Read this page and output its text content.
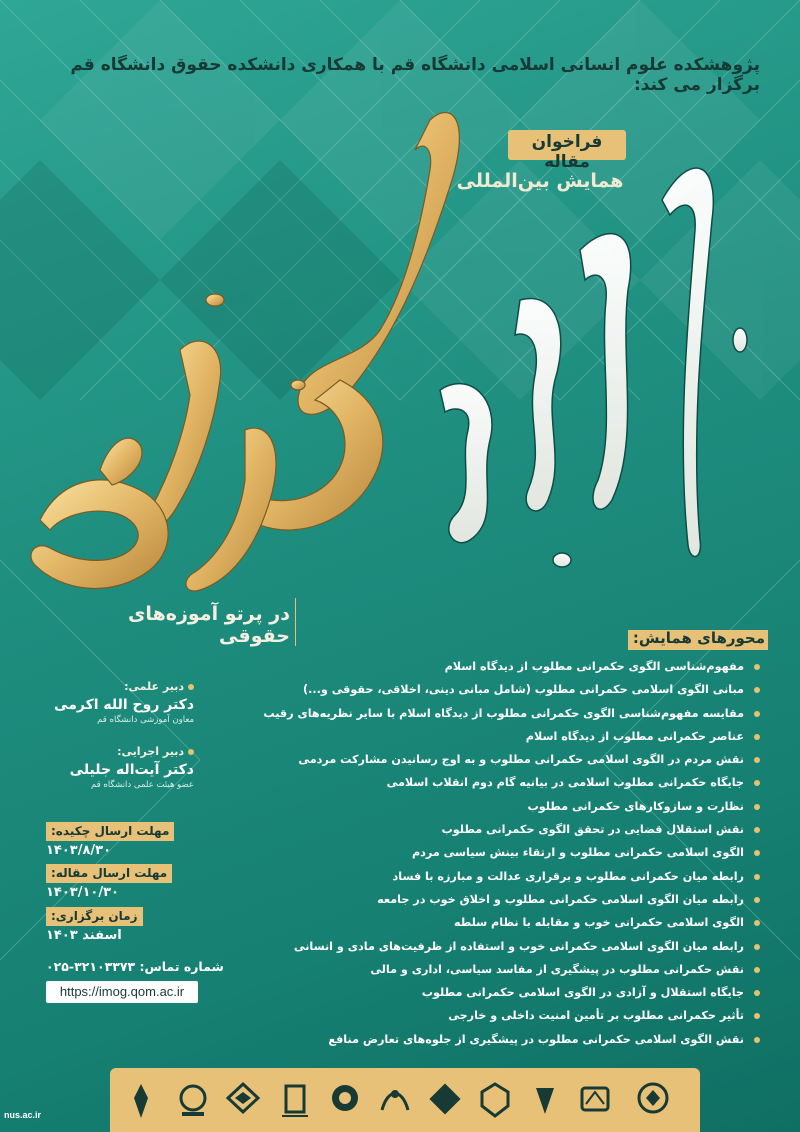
پژوهشکده علوم انسانی اسلامی دانشگاه قم با همکاری دانشکده حقوق دانشگاه قم برگزار می کند:
فراخوان مقاله
همایش بین‌المللی
در پرتو آموزه‌های حقوقی	محورهای همایش:
مفهوم‌شناسی الگوی حکمرانی مطلوب از دیدگاه اسلام
مبانی الگوی اسلامی حکمرانی مطلوب (شامل مبانی دینی، اخلاقی، حقوقی و...)
مقایسه مفهوم‌شناسی الگوی حکمرانی مطلوب از دیدگاه اسلام با سایر نظریه‌های رقیب
عناصر حکمرانی مطلوب از دیدگاه اسلام
نقش مردم در الگوی اسلامی حکمرانی مطلوب و به اوج رسانیدن مشارکت مردمی
جایگاه حکمرانی مطلوب اسلامی در بیانیه گام دوم انقلاب اسلامی
نظارت و سازوکارهای حکمرانی مطلوب
نقش استقلال قضایی در تحقق الگوی حکمرانی مطلوب
الگوی اسلامی حکمرانی مطلوب و ارتقاء بینش سیاسی مردم
رابطه میان حکمرانی مطلوب و برقراری عدالت و مبارزه با فساد
رابطه میان الگوی اسلامی حکمرانی مطلوب و اخلاق خوب در جامعه
الگوی اسلامی حکمرانی خوب و مقابله با نظام سلطه
رابطه میان الگوی اسلامی حکمرانی خوب و استفاده از ظرفیت‌های مادی و انسانی
نقش حکمرانی مطلوب در پیشگیری از مفاسد سیاسی، اداری و مالی
جایگاه استقلال و آزادی در الگوی اسلامی حکمرانی مطلوب
تأثیر حکمرانی مطلوب بر تأمین امنیت داخلی و خارجی
نقش الگوی اسلامی حکمرانی مطلوب در پیشگیری از جلوه‌های تعارض منافع
دبیر علمی:
دکتر روح الله اکرمی
معاون آموزشی دانشگاه قم
دبیر اجرایی:
دکتر آیت‌اله جلیلی
عضو هیئت علمی دانشگاه قم
مهلت ارسال چکیده:
۱۴۰۳/۸/۳۰
مهلت ارسال مقاله:
۱۴۰۳/۱۰/۳۰
زمان برگزاری:
اسفند ۱۴۰۳
شماره تماس: ۳۲۱۰۳۳۷۳-۰۲۵
https://imog.qom.ac.ir
nus.ac.ir
